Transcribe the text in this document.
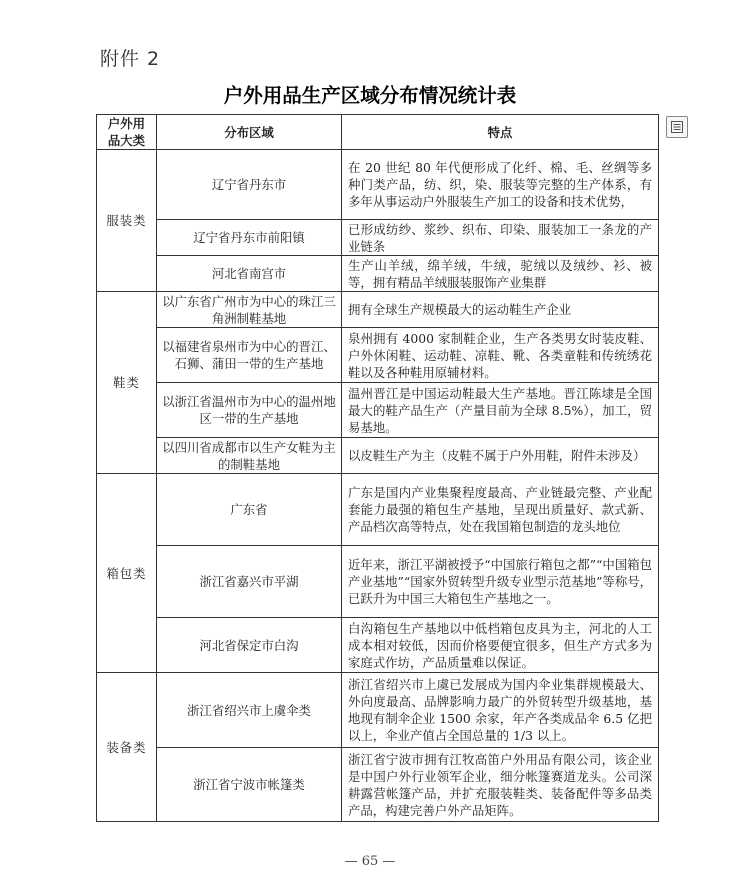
附件 2
户外用品生产区域分布情况统计表
户外用品大类	分布区域	特点
服装类	辽宁省丹东市	在 20 世纪 80 年代便形成了化纤、棉、毛、丝绸等多种门类产品，纺、织，染、服装等完整的生产体系，有多年从事运动户外服装生产加工的设备和技术优势，
	辽宁省丹东市前阳镇	已形成纺纱、浆纱、织布、印染、服装加工一条龙的产业链条
	河北省南宫市	生产山羊绒，绵羊绒，牛绒，驼绒以及绒纱、衫、被等，拥有精品羊绒服装服饰产业集群
鞋类	以广东省广州市为中心的珠江三角洲制鞋基地	拥有全球生产规模最大的运动鞋生产企业
	以福建省泉州市为中心的晋江、石狮、蒲田一带的生产基地	泉州拥有 4000 家制鞋企业，生产各类男女时装皮鞋、户外休闲鞋、运动鞋、凉鞋、靴、各类童鞋和传统绣花鞋以及各种鞋用原辅材料。
	以浙江省温州市为中心的温州地区一带的生产基地	温州晋江是中国运动鞋最大生产基地。晋江陈埭是全国最大的鞋产品生产（产量目前为全球 8.5%），加工，贸易基地。
	以四川省成都市以生产女鞋为主的制鞋基地	以皮鞋生产为主（皮鞋不属于户外用鞋，附件未涉及）
箱包类	广东省	广东是国内产业集聚程度最高、产业链最完整、产业配套能力最强的箱包生产基地，呈现出质量好、款式新、产品档次高等特点，处在我国箱包制造的龙头地位
	浙江省嘉兴市平湖	近年来，浙江平湖被授予“中国旅行箱包之都”“中国箱包产业基地”“国家外贸转型升级专业型示范基地”等称号，已跃升为中国三大箱包生产基地之一。
	河北省保定市白沟	白沟箱包生产基地以中低档箱包皮具为主，河北的人工成本相对较低，因而价格要便宜很多，但生产方式多为家庭式作坊，产品质量难以保证。
装备类	浙江省绍兴市上虞伞类	浙江省绍兴市上虞已发展成为国内伞业集群规模最大、外向度最高、品牌影响力最广的外贸转型升级基地，基地现有制伞企业 1500 余家，年产各类成品伞 6.5 亿把以上，伞业产值占全国总量的 1/3 以上。
	浙江省宁波市帐篷类	浙江省宁波市拥有江牧高笛户外用品有限公司，该企业是中国户外行业领军企业，细分帐篷赛道龙头。公司深耕露营帐篷产品，并扩充服装鞋类、装备配件等多品类产品，构建完善户外产品矩阵。
— 65 —
